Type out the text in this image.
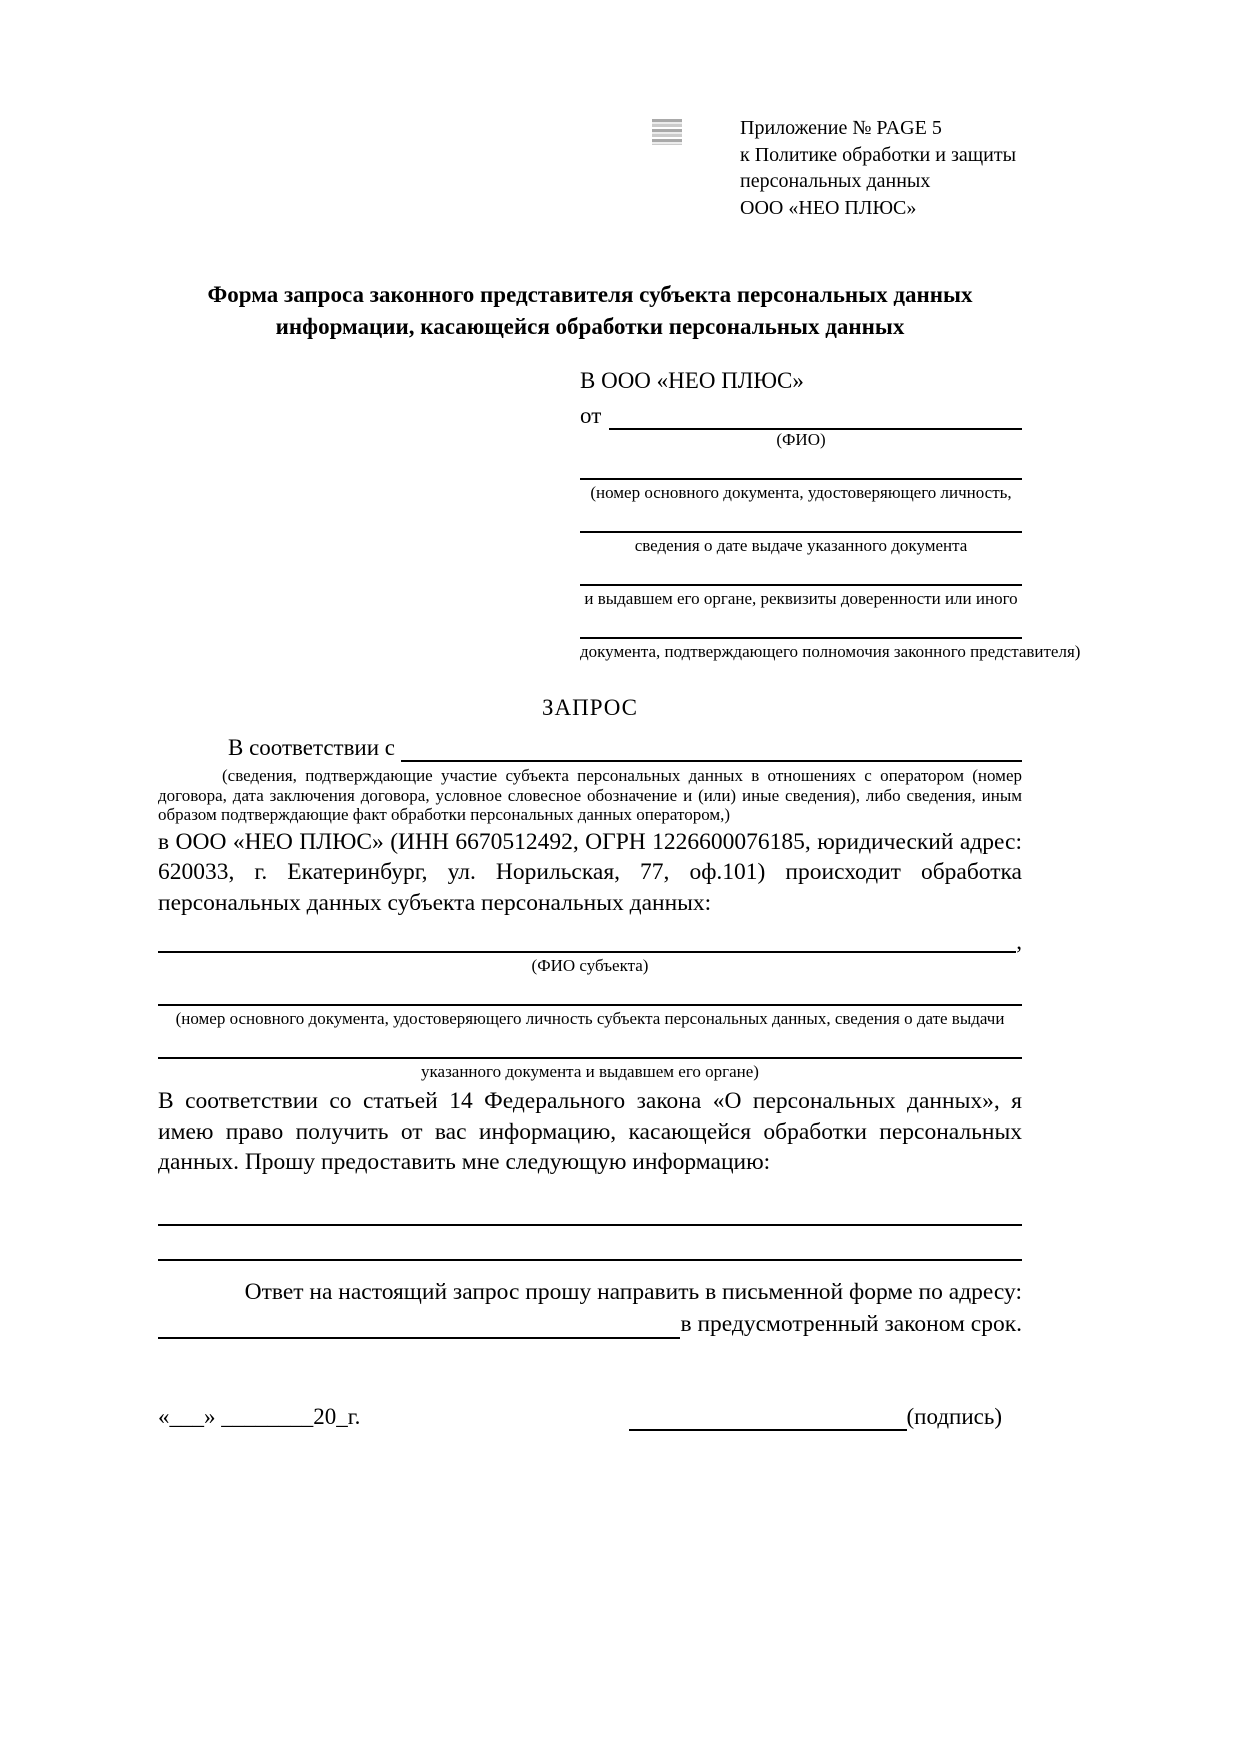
Приложение № PAGE 5
к Политике обработки и защиты
персональных данных
ООО «НЕО ПЛЮС»
Форма запроса законного представителя субъекта персональных данных
информации, касающейся обработки персональных данных
В ООО «НЕО ПЛЮС»
от
(ФИО)
(номер основного документа, удостоверяющего личность,
сведения о дате выдаче указанного документа
и выдавшем его органе, реквизиты доверенности или иного
документа, подтверждающего полномочия законного представителя)
ЗАПРОС
В соответствии с
(сведения, подтверждающие участие субъекта персональных данных в отношениях с оператором (номер договора, дата заключения договора, условное словесное обозначение и (или) иные сведения), либо сведения, иным образом подтверждающие факт обработки персональных данных оператором,)
в ООО «НЕО ПЛЮС» (ИНН 6670512492, ОГРН 1226600076185, юридический адрес: 620033, г. Екатеринбург, ул. Норильская, 77, оф.101) происходит обработка персональных данных субъекта персональных данных:
,
(ФИО субъекта)
(номер основного документа, удостоверяющего личность субъекта персональных данных, сведения о дате выдачи
указанного документа и выдавшем его органе)
В соответствии со статьей 14 Федерального закона «О персональных данных», я имею право получить от вас информацию, касающейся обработки персональных данных. Прошу предоставить мне следующую информацию:
Ответ на настоящий запрос прошу направить в письменной форме по адресу:
в предусмотренный законом срок.
«___» ________20_г.	(подпись)
